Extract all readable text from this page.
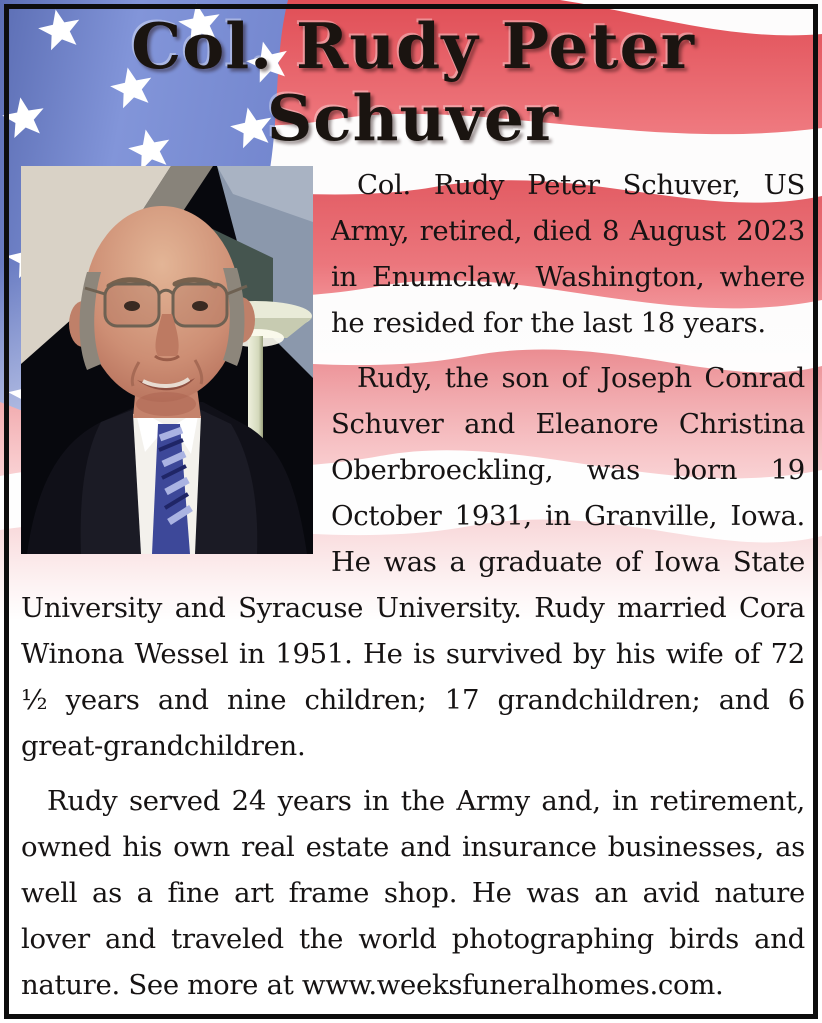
Col. Rudy Peter Schuver

Col. Rudy Peter Schuver, US Army, retired, died 8 August 2023 in Enumclaw, Washington, where he resided for the last 18 years.

Rudy, the son of Joseph Conrad Schuver and Eleanore Christina Oberbroeckling, was born 19 October 1931, in Granville, Iowa. He was a graduate of Iowa State University and Syracuse University. Rudy married Cora Winona Wessel in 1951. He is survived by his wife of 72 ½ years and nine children; 17 grandchildren; and 6 great-grandchildren.

Rudy served 24 years in the Army and, in retirement, owned his own real estate and insurance businesses, as well as a fine art frame shop. He was an avid nature lover and traveled the world photographing birds and nature. See more at www.weeksfuneralhomes.com.
